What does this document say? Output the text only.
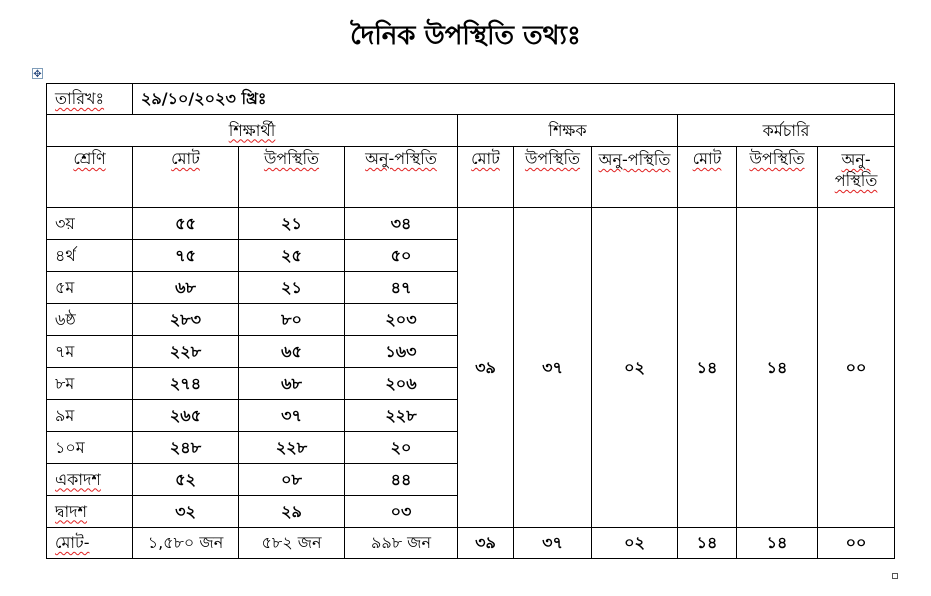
দৈনিক উপস্থিতি তথ্যঃ
✥
তারিখঃ	২৯/১০/২০২৩ খ্রিঃ								
শিক্ষার্থী				শিক্ষক			কর্মচারি		
শ্রেণি	মোট	উপস্থিতি	অনু-পস্থিতি	মোট	উপস্থিতি	অনু-পস্থিতি	মোট	উপস্থিতি	অনু-পস্থিতি
৩য়	৫৫	২১	৩৪	৩৯	৩৭	০২	১৪	১৪	০০
৪র্থ	৭৫	২৫	৫০						
৫ম	৬৮	২১	৪৭						
৬ষ্ঠ	২৮৩	৮০	২০৩						
৭ম	২২৮	৬৫	১৬৩						
৮ম	২৭৪	৬৮	২০৬						
৯ম	২৬৫	৩৭	২২৮						
১০ম	২৪৮	২২৮	২০						
একাদশ	৫২	০৮	৪৪						
দ্বাদশ	৩২	২৯	০৩						
মোট-	১,৫৮০ জন	৫৮২ জন	৯৯৮ জন	৩৯	৩৭	০২	১৪	১৪	০০
